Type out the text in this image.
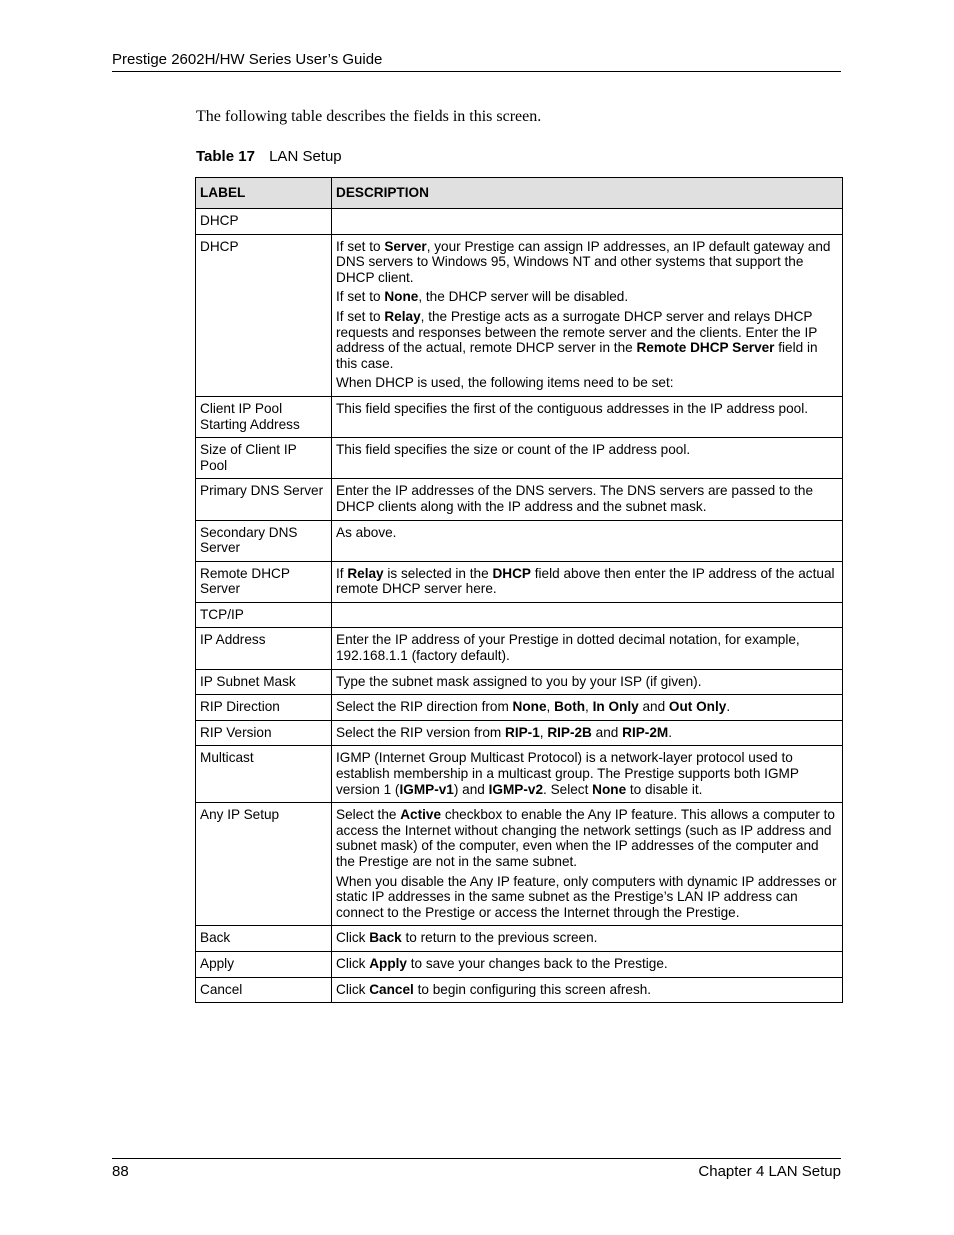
Prestige 2602H/HW Series User’s Guide
The following table describes the fields in this screen.
Table 17 LAN Setup
LABEL	DESCRIPTION
DHCP	
DHCP	If set to Server, your Prestige can assign IP addresses, an IP default gateway and DNS servers to Windows 95, Windows NT and other systems that support the DHCP client.

If set to None, the DHCP server will be disabled.

If set to Relay, the Prestige acts as a surrogate DHCP server and relays DHCP requests and responses between the remote server and the clients. Enter the IP address of the actual, remote DHCP server in the Remote DHCP Server field in this case.

When DHCP is used, the following items need to be set:

Client IP Pool Starting Address	This field specifies the first of the contiguous addresses in the IP address pool.

Size of Client IP Pool	This field specifies the size or count of the IP address pool.

Primary DNS Server	Enter the IP addresses of the DNS servers. The DNS servers are passed to the DHCP clients along with the IP address and the subnet mask.

Secondary DNS Server	As above.

Remote DHCP Server	If Relay is selected in the DHCP field above then enter the IP address of the actual remote DHCP server here.

TCP/IP	
IP Address	Enter the IP address of your Prestige in dotted decimal notation, for example, 192.168.1.1 (factory default).

IP Subnet Mask	Type the subnet mask assigned to you by your ISP (if given).

RIP Direction	Select the RIP direction from None, Both, In Only and Out Only.

RIP Version	Select the RIP version from RIP-1, RIP-2B and RIP-2M.

Multicast	IGMP (Internet Group Multicast Protocol) is a network-layer protocol used to establish membership in a multicast group. The Prestige supports both IGMP version 1 (IGMP-v1) and IGMP-v2. Select None to disable it.

Any IP Setup	Select the Active checkbox to enable the Any IP feature. This allows a computer to access the Internet without changing the network settings (such as IP address and subnet mask) of the computer, even when the IP addresses of the computer and the Prestige are not in the same subnet.

When you disable the Any IP feature, only computers with dynamic IP addresses or static IP addresses in the same subnet as the Prestige’s LAN IP address can connect to the Prestige or access the Internet through the Prestige.

Back	Click Back to return to the previous screen.

Apply	Click Apply to save your changes back to the Prestige.

Cancel	Click Cancel to begin configuring this screen afresh.

88	Chapter 4 LAN Setup
